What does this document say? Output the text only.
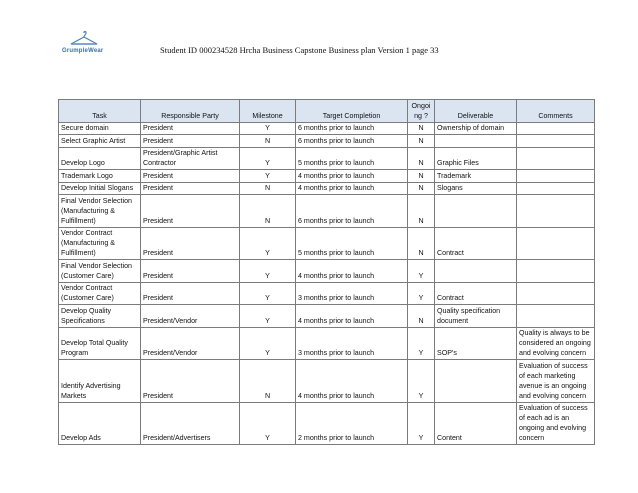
GrumpleWear	Student ID 000234528 Hrcha Business Capstone Business plan Version 1 page 33
Task	Responsible Party	Milestone	Target Completion	Ongoing ?	Deliverable	Comments
Secure domain	President	Y	6 months prior to launch	N	Ownership of domain	
Select Graphic Artist	President	N	6 months prior to launch	N		
Develop Logo	President/Graphic Artist Contractor	Y	5 months prior to launch	N	Graphic Files	
Trademark Logo	President	Y	4 months prior to launch	N	Trademark	
Develop Initial Slogans	President	N	4 months prior to launch	N	Slogans	
Final Vendor Selection (Manufacturing & Fulfillment)	President	N	6 months prior to launch	N		
Vendor Contract (Manufacturing & Fulfillment)	President	Y	5 months prior to launch	N	Contract	
Final Vendor Selection (Customer Care)	President	Y	4 months prior to launch	Y		
Vendor Contract (Customer Care)	President	Y	3 months prior to launch	Y	Contract	
Develop Quality Specifications	President/Vendor	Y	4 months prior to launch	N	Quality specification document	
Develop Total Quality Program	President/Vendor	Y	3 months prior to launch	Y	SOP's	Quality is always to be considered an ongoing and evolving concern
Identify Advertising Markets	President	N	4 months prior to launch	Y		Evaluation of success of each marketing avenue is an ongoing and evolving concern
Develop Ads	President/Advertisers	Y	2 months prior to launch	Y	Content	Evaluation of success of each ad is an ongoing and evolving concern
